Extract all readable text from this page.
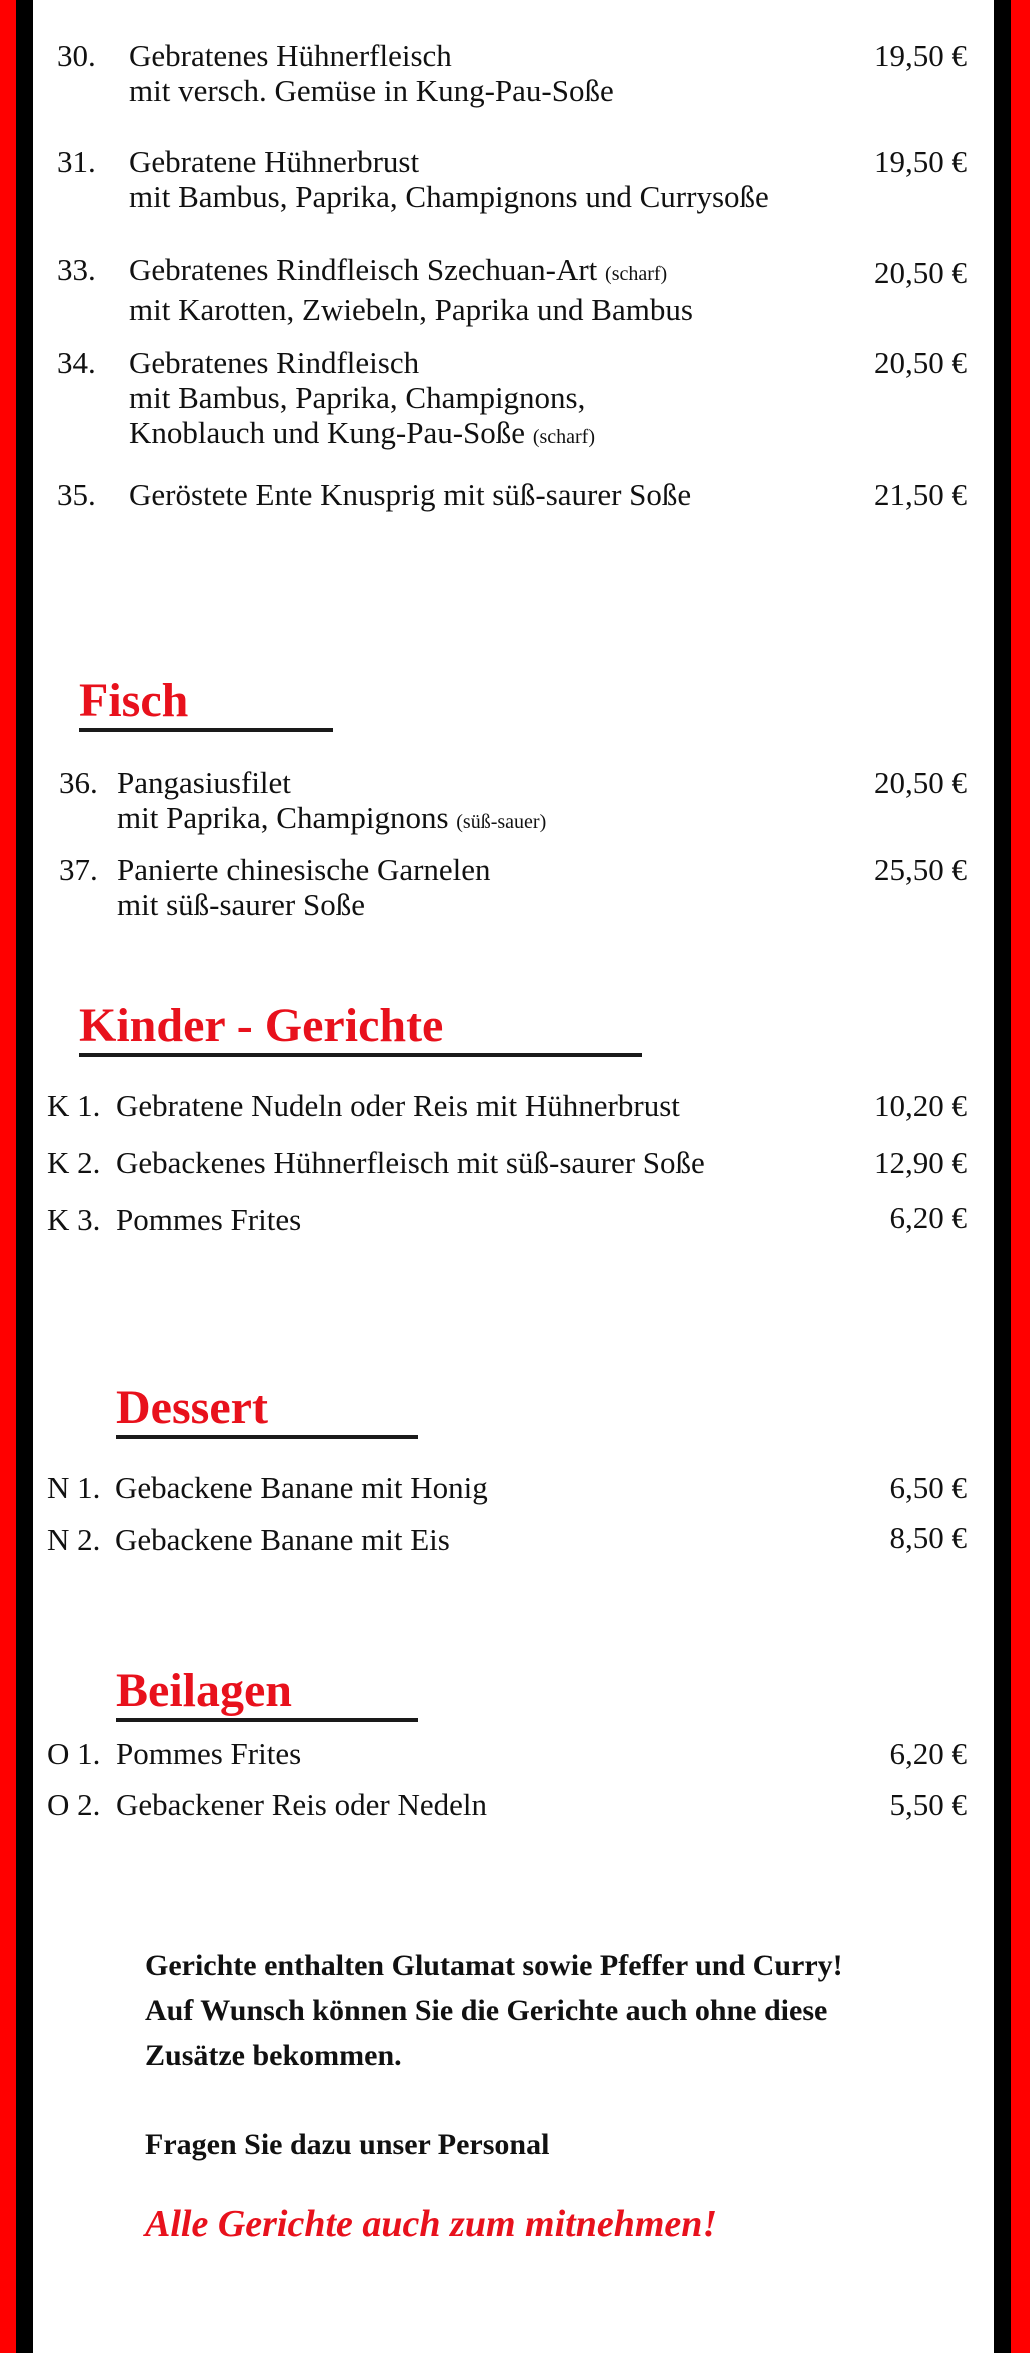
30. Gebratenes Hühnerfleisch
mit versch. Gemüse in Kung-Pau-Soße
19,50 €
31. Gebratene Hühnerbrust
mit Bambus, Paprika, Champignons und Currysoße
19,50 €
33. Gebratenes Rindfleisch Szechuan-Art (scharf)
mit Karotten, Zwiebeln, Paprika und Bambus
20,50 €
34. Gebratenes Rindfleisch
mit Bambus, Paprika, Champignons,
Knoblauch und Kung-Pau-Soße (scharf)
20,50 €
35. Geröstete Ente Knusprig mit süß-saurer Soße	21,50 €
Fisch
36. Pangasiusfilet
mit Paprika, Champignons (süß-sauer)
20,50 €
37. Panierte chinesische Garnelen
mit süß-saurer Soße
25,50 €
Kinder - Gerichte
K 1. Gebratene Nudeln oder Reis mit Hühnerbrust	10,20 €
K 2. Gebackenes Hühnerfleisch mit süß-saurer Soße	12,90 €
K 3. Pommes Frites	6,20 €
Dessert
N 1. Gebackene Banane mit Honig	6,50 €
N 2. Gebackene Banane mit Eis	8,50 €
Beilagen
O 1. Pommes Frites	6,20 €
O 2. Gebackener Reis oder Nedeln	5,50 €
Gerichte enthalten Glutamat sowie Pfeffer und Curry!
Auf Wunsch können Sie die Gerichte auch ohne diese
Zusätze bekommen.
Fragen Sie dazu unser Personal
Alle Gerichte auch zum mitnehmen!
